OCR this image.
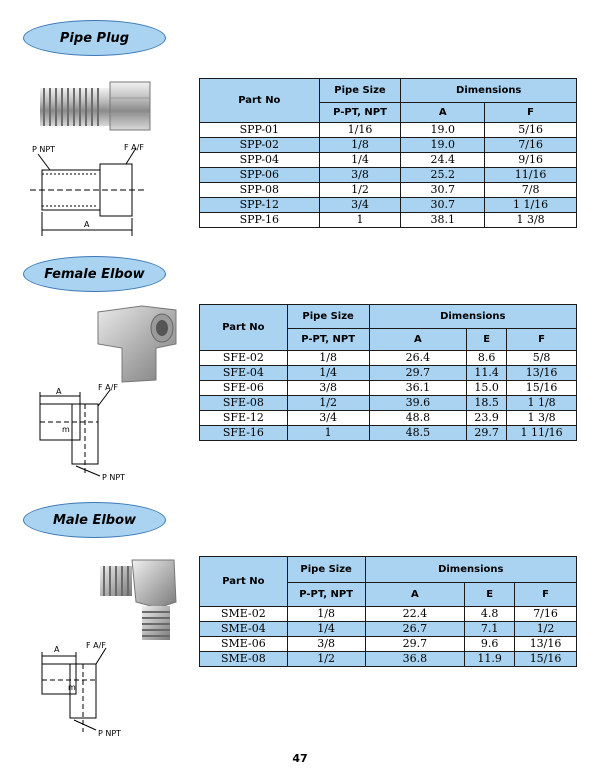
Pipe Plug
P NPT	F A/F
A
Part No	Pipe Size	Dimensions	
	P-PT, NPT	A	F
SPP-01	1/16	19.0	5/16
SPP-02	1/8	19.0	7/16
SPP-04	1/4	24.4	9/16
SPP-06	3/8	25.2	11/16
SPP-08	1/2	30.7	7/8
SPP-12	3/4	30.7	1 1/16
SPP-16	1	38.1	1 3/8
Female Elbow
A	F A/F
m
P NPT
Part No	Pipe Size	Dimensions		
	P-PT, NPT	A	E	F
SFE-02	1/8	26.4	8.6	5/8
SFE-04	1/4	29.7	11.4	13/16
SFE-06	3/8	36.1	15.0	15/16
SFE-08	1/2	39.6	18.5	1 1/8
SFE-12	3/4	48.8	23.9	1 3/8
SFE-16	1	48.5	29.7	1 11/16
Male Elbow
A	F A/F
m
P NPT
Part No	Pipe Size	Dimensions		
	P-PT, NPT	A	E	F
SME-02	1/8	22.4	4.8	7/16
SME-04	1/4	26.7	7.1	1/2
SME-06	3/8	29.7	9.6	13/16
SME-08	1/2	36.8	11.9	15/16
47
